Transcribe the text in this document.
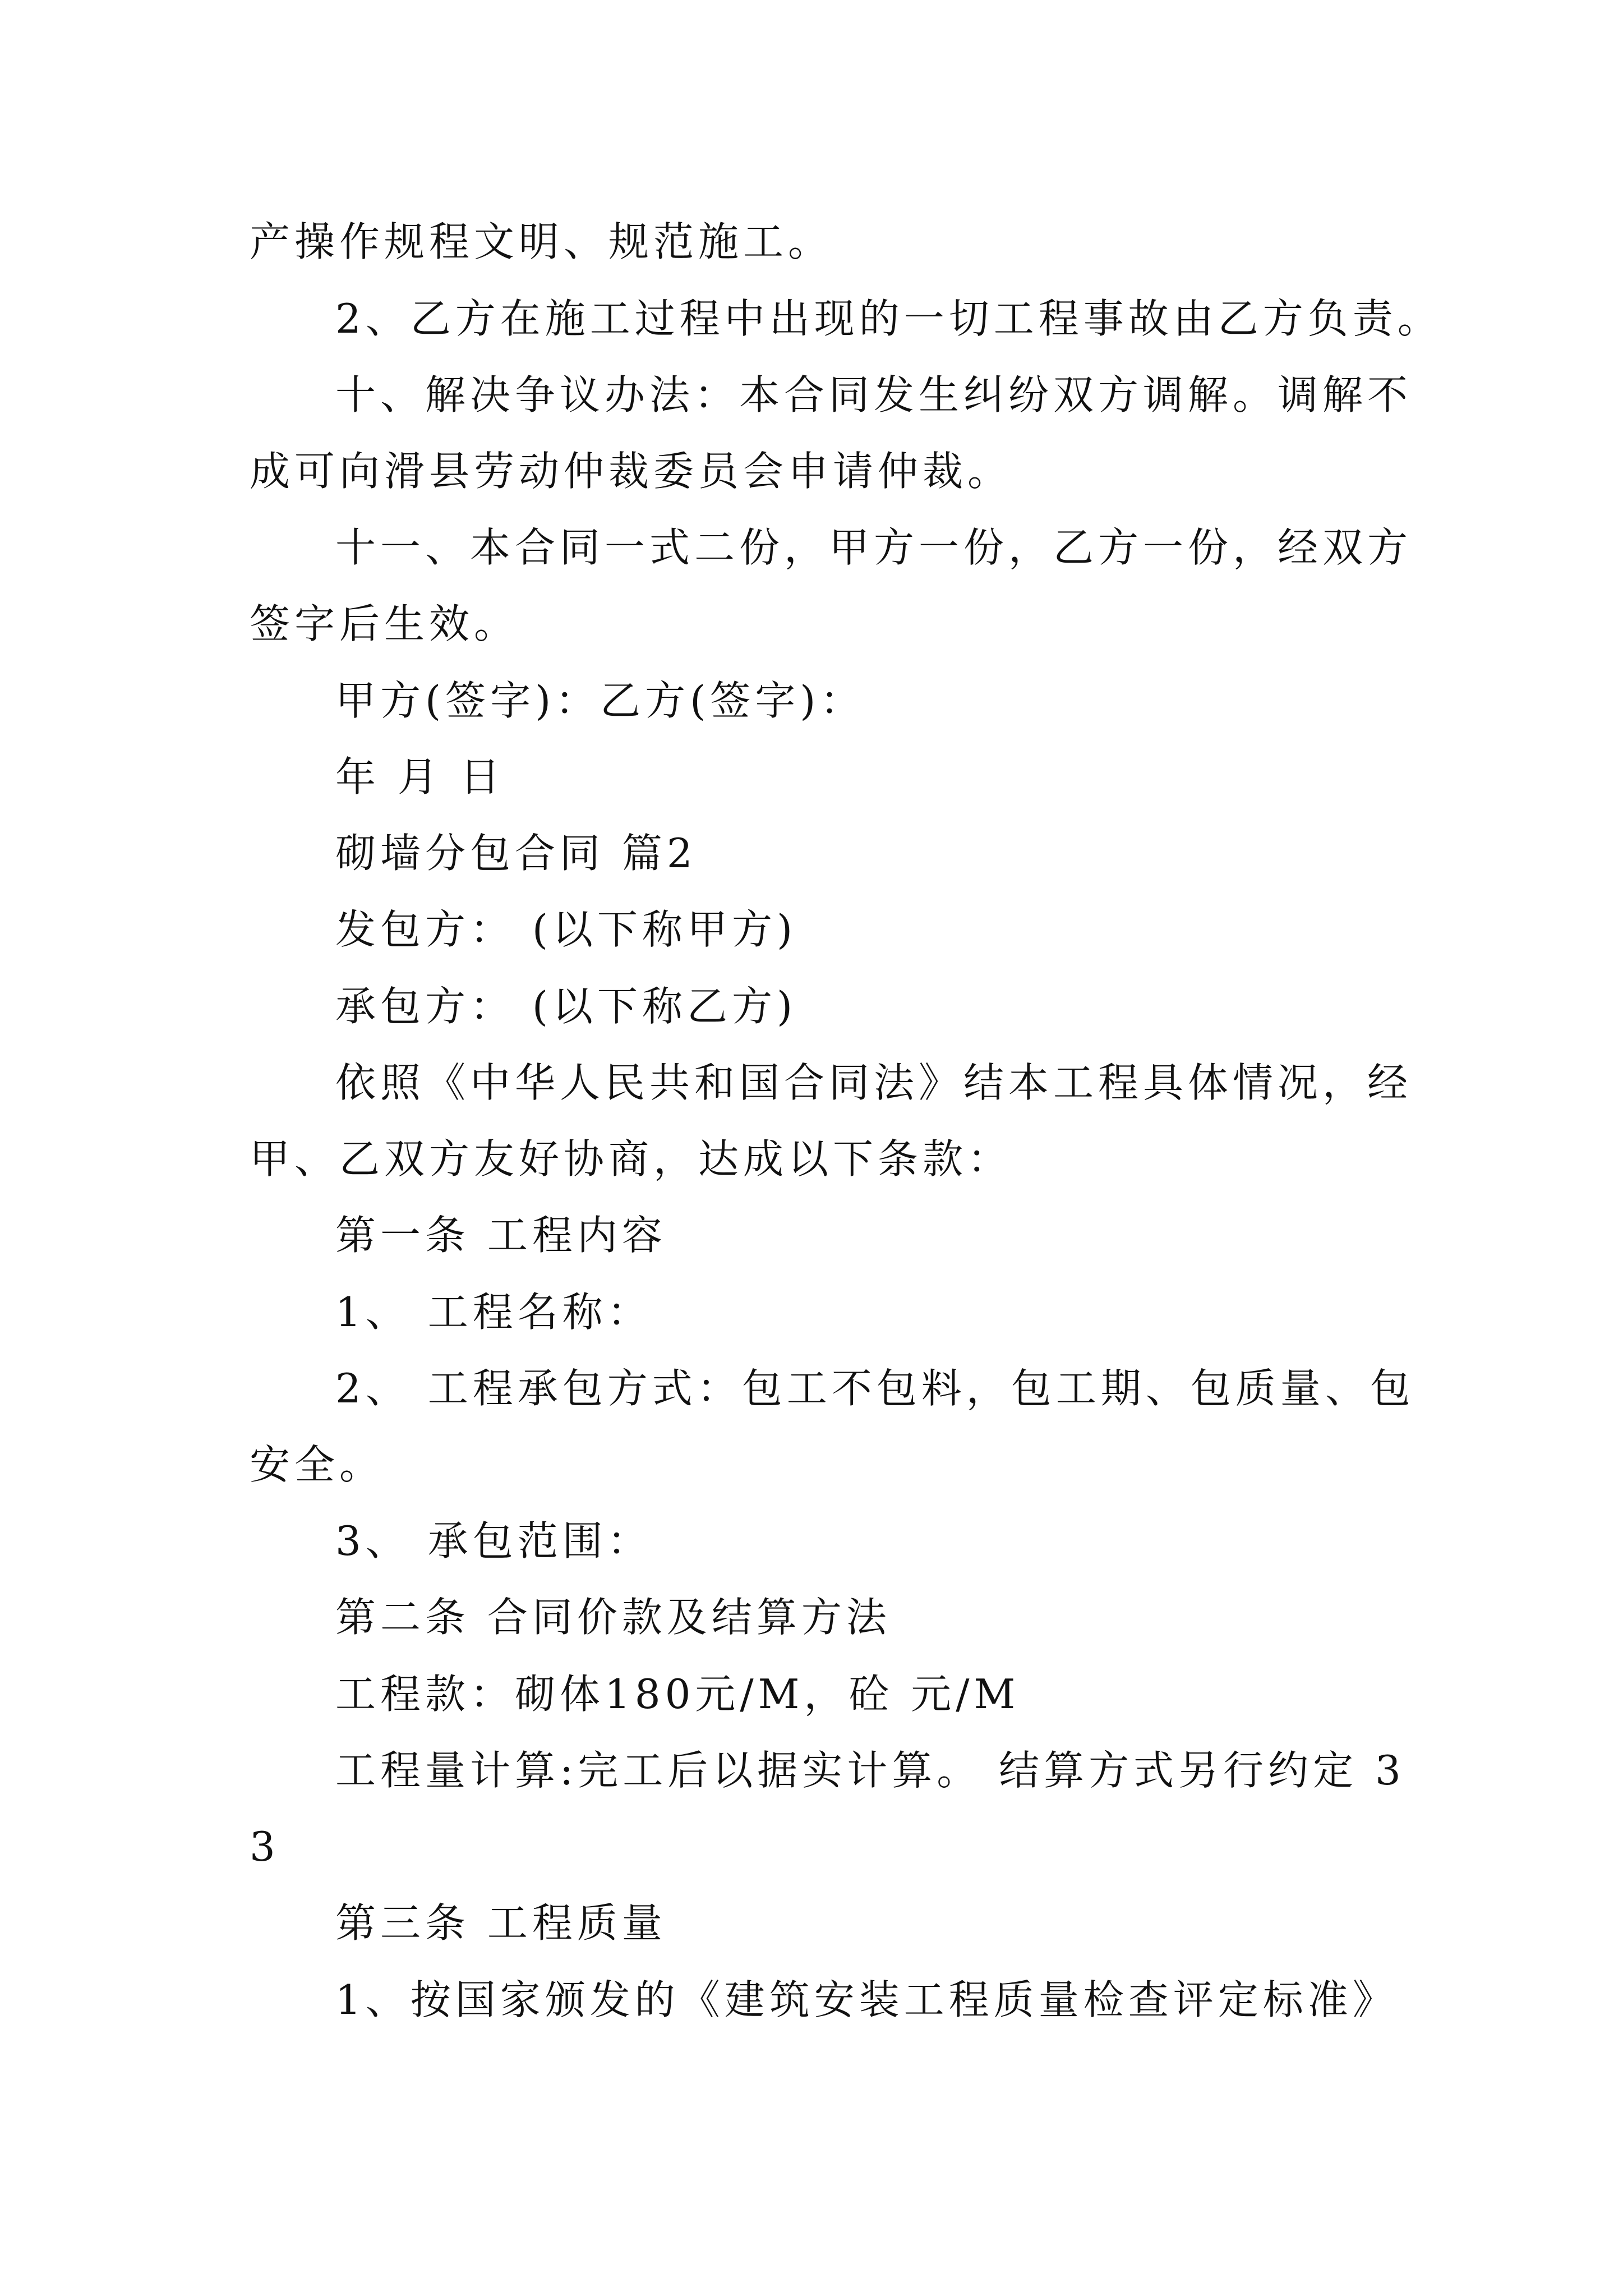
产操作规程文明、规范施工。
2、乙方在施工过程中出现的一切工程事故由乙方负责。
十、解决争议办法：本合同发生纠纷双方调解。调解不
成可向滑县劳动仲裁委员会申请仲裁。
十一、本合同一式二份，甲方一份，乙方一份，经双方
签字后生效。
甲方(签字)：乙方(签字)：
年 月 日
砌墙分包合同 篇2
发包方： (以下称甲方)
承包方： (以下称乙方)
依照《中华人民共和国合同法》结本工程具体情况，经
甲、乙双方友好协商，达成以下条款：
第一条 工程内容
1、 工程名称：
2、 工程承包方式：包工不包料，包工期、包质量、包
安全。
3、 承包范围：
第二条 合同价款及结算方法
工程款：砌体180元/M，砼 元/M
工程量计算:完工后以据实计算。 结算方式另行约定 3
3
第三条 工程质量
1、按国家颁发的《建筑安装工程质量检查评定标准》
